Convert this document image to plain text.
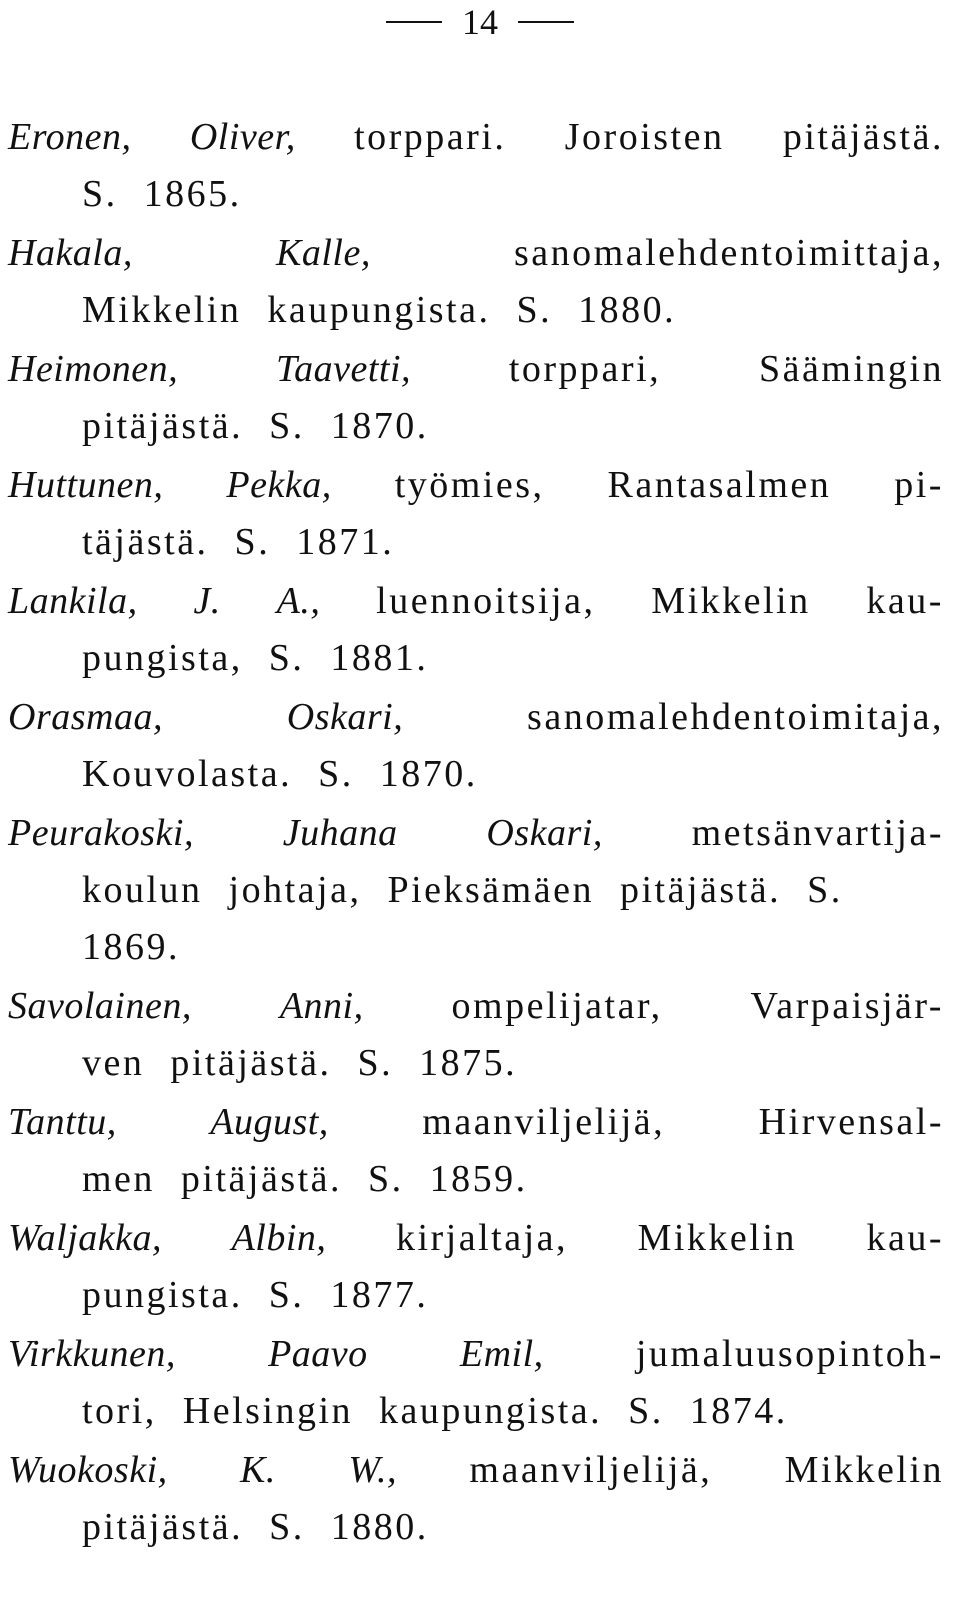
14
Eronen, Oliver, torppari. Joroisten pitäjästä.
S. 1865.
Hakala,	Kalle,	sanomalehdentoimittaja,
Mikkelin kaupungista. S. 1880.
Heimonen,	Taavetti,	torppari,	Säämingin
pitäjästä. S. 1870.
Huttunen, Pekka, työmies, Rantasalmen pi-
täjästä. S. 1871.
Lankila, J. A., luennoitsija, Mikkelin kau-
pungista, S. 1881.
Orasmaa,	Oskari,	sanomalehdentoimitaja,
Kouvolasta. S. 1870.
Peurakoski, Juhana Oskari, metsänvartija-
koulun johtaja, Pieksämäen pitäjästä. S.
1869.
Savolainen, Anni, ompelijatar, Varpaisjär-
ven pitäjästä. S. 1875.
Tanttu, August, maanviljelijä, Hirvensal-
men pitäjästä. S. 1859.
Waljakka, Albin, kirjaltaja, Mikkelin kau-
pungista. S. 1877.
Virkkunen, Paavo Emil, jumaluusopintoh-
tori, Helsingin kaupungista. S. 1874.
Wuokoski, K. W., maanviljelijä, Mikkelin
pitäjästä. S. 1880.
